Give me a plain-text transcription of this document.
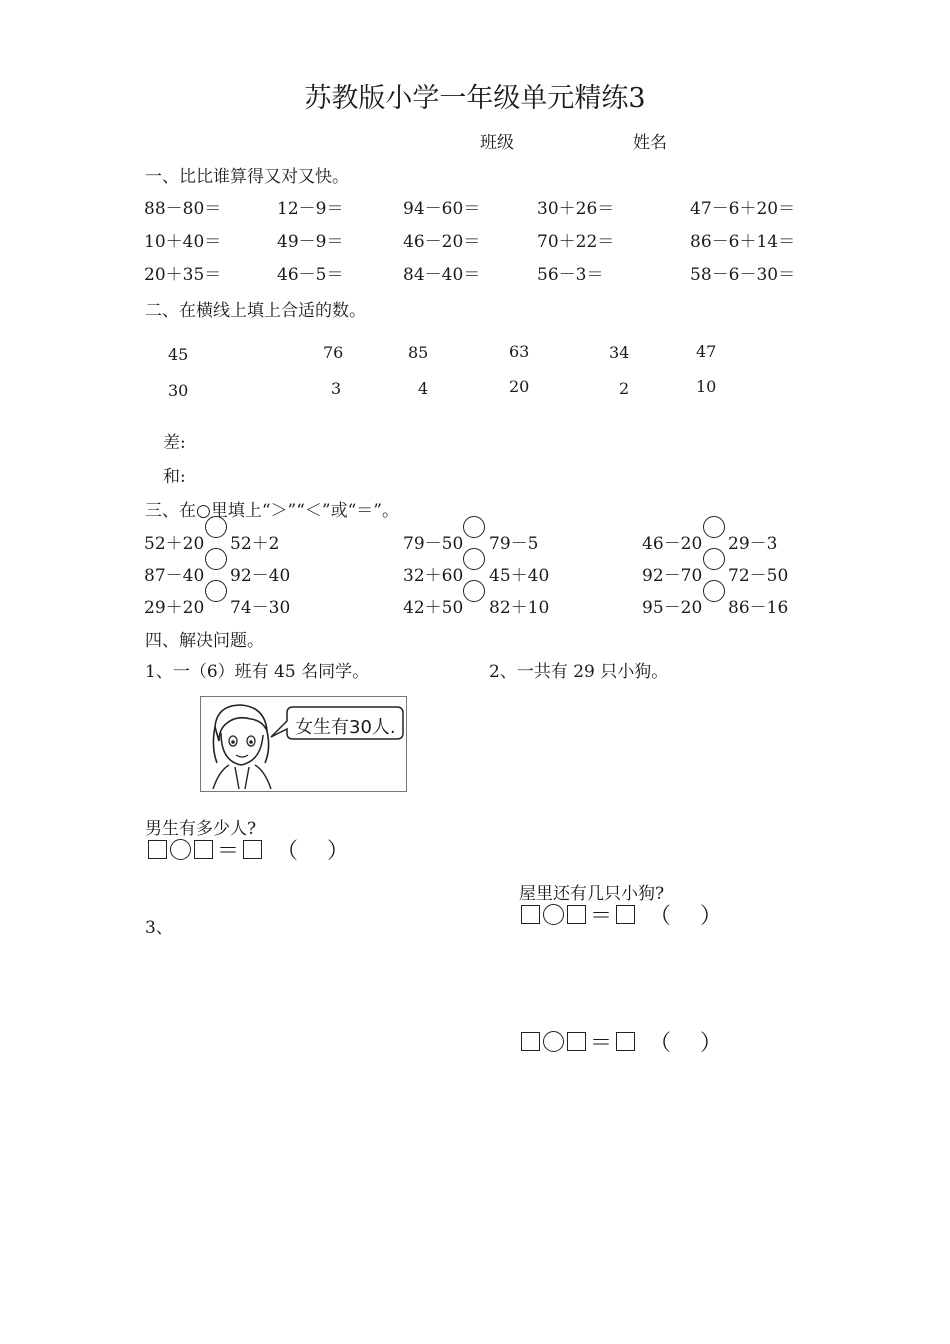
苏教版小学一年级单元精练3
班级	姓名
一、比比谁算得又对又快。
88－80＝	12－9＝	94－60＝	30＋26＝	47－6＋20＝
10＋40＝	49－9＝	46－20＝	70＋22＝	86－6＋14＝
20＋35＝	46－5＝	84－40＝	56－3＝	58－6－30＝
二、在横线上填上合适的数。
45	76	85	63	34	47
30	3	4	20	2	10
差:
和:
三、在○里填上“＞”“＜”或“＝”。
52＋20 52＋2	79－50 79－5	46－20 29－3
87－40 92－40	32＋60 45＋40	92－70 72－50
29＋20 74－30	42＋50 82＋10	95－20 86－16
四、解决问题。
1、一（6）班有 45 名同学。	2、一共有 29 只小狗。
女生有30人.
男生有多少人?
＝ （　 ）
屋里还有几只小狗?
＝ （　 ）
3、
＝ （　 ）
